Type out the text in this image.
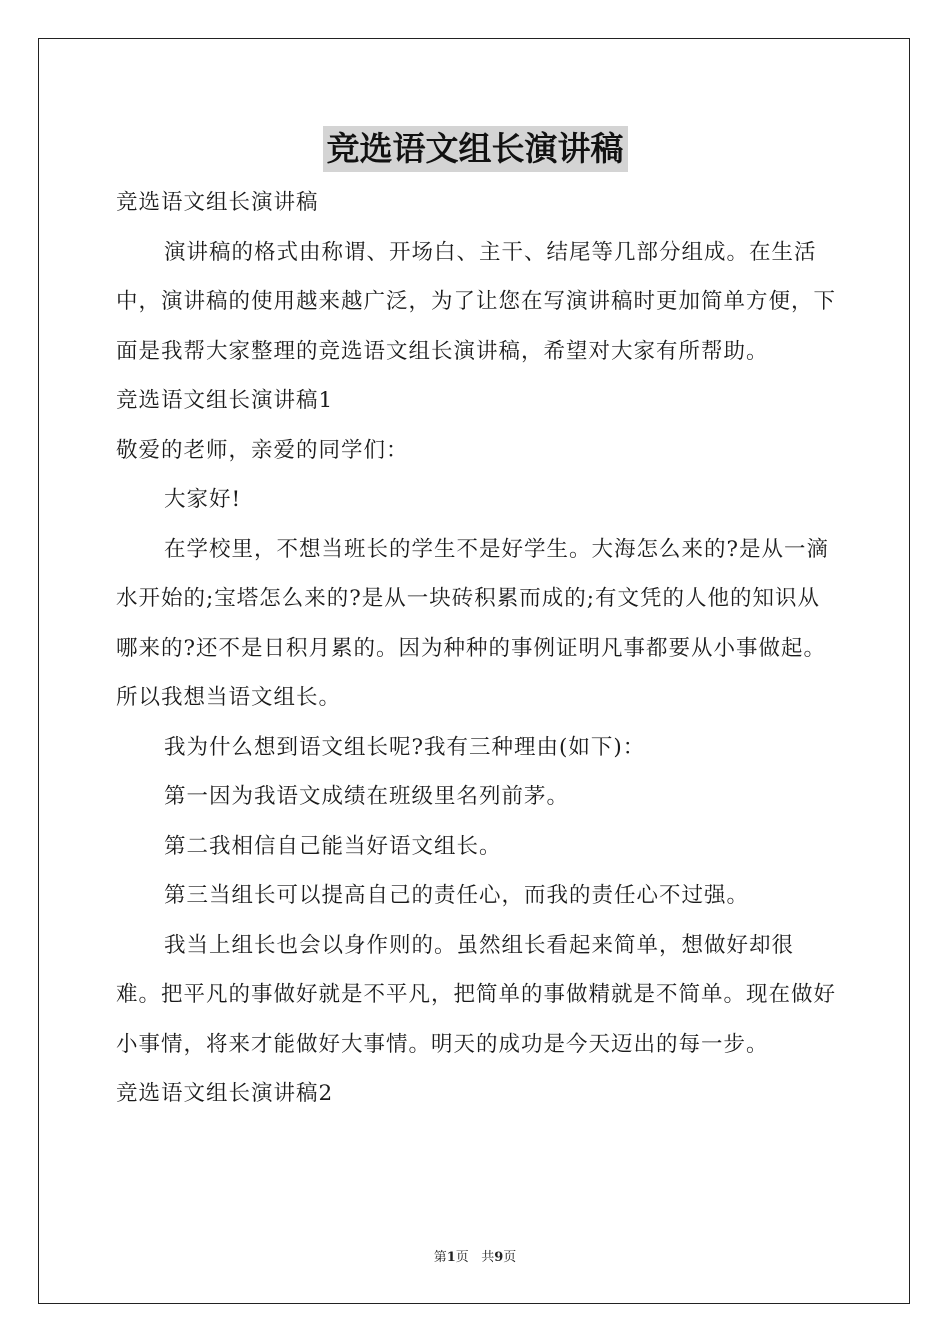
竞选语文组长演讲稿

竞选语文组长演讲稿

演讲稿的格式由称谓、开场白、主干、结尾等几部分组成。在生活中，演讲稿的使用越来越广泛，为了让您在写演讲稿时更加简单方便，下面是我帮大家整理的竞选语文组长演讲稿，希望对大家有所帮助。

竞选语文组长演讲稿1

敬爱的老师，亲爱的同学们：

大家好!

在学校里，不想当班长的学生不是好学生。大海怎么来的?是从一滴水开始的;宝塔怎么来的?是从一块砖积累而成的;有文凭的人他的知识从哪来的?还不是日积月累的。因为种种的事例证明凡事都要从小事做起。所以我想当语文组长。

我为什么想到语文组长呢?我有三种理由(如下)：

第一因为我语文成绩在班级里名列前茅。

第二我相信自己能当好语文组长。

第三当组长可以提高自己的责任心，而我的责任心不过强。

我当上组长也会以身作则的。虽然组长看起来简单，想做好却很难。把平凡的事做好就是不平凡，把简单的事做精就是不简单。现在做好小事情，将来才能做好大事情。明天的成功是今天迈出的每一步。

竞选语文组长演讲稿2

第1页 共9页
